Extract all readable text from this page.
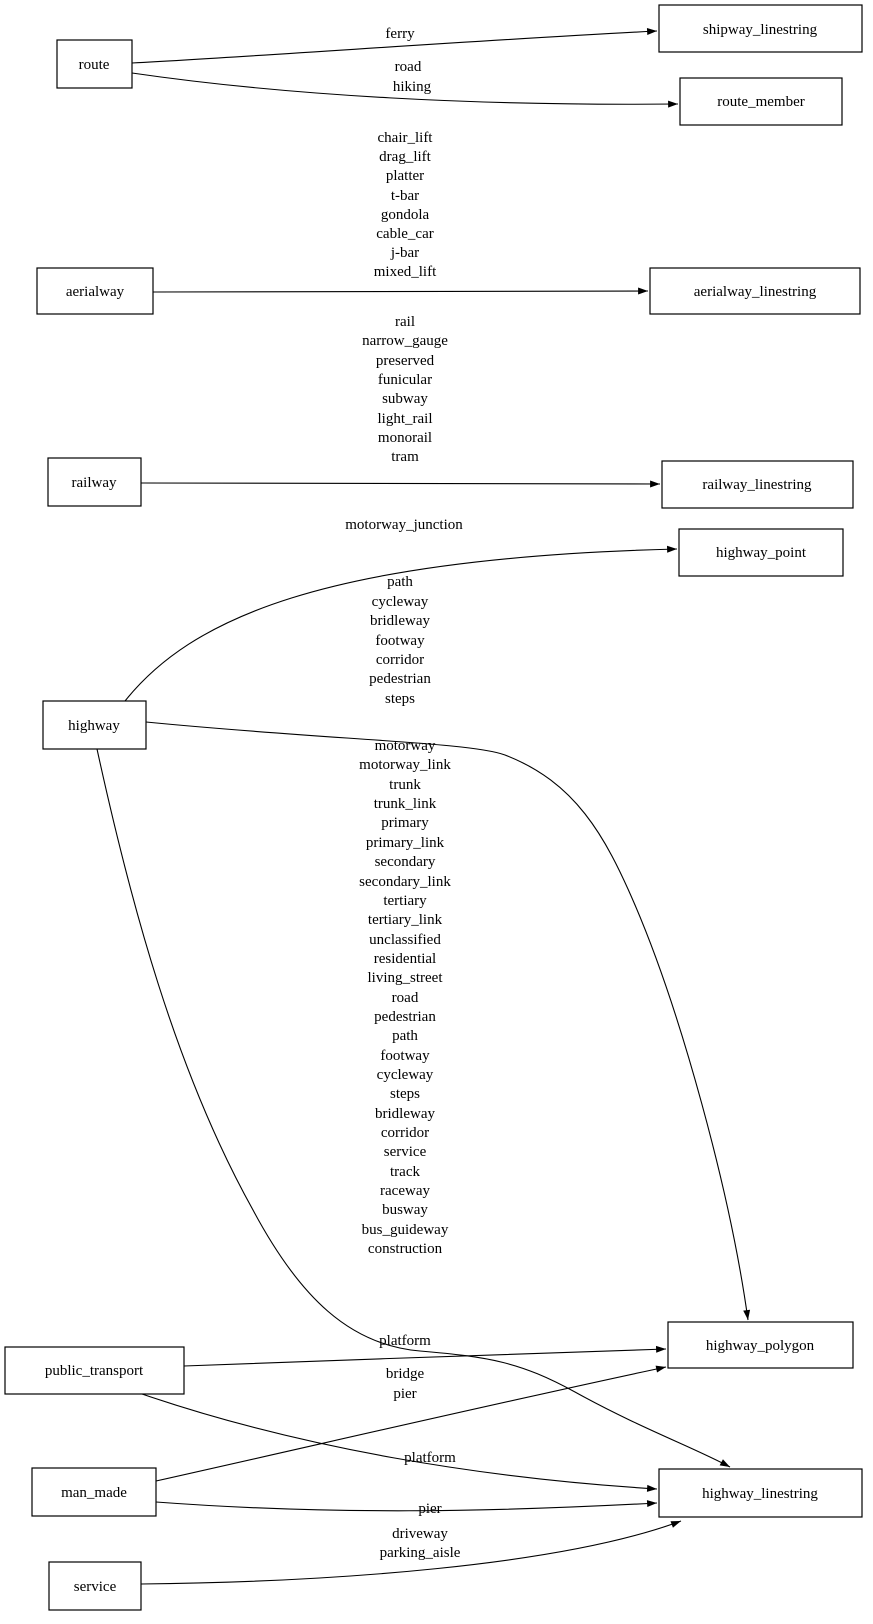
ferry
road
hiking
chair_lift
drag_lift
platter
t-bar
gondola
cable_car
j-bar
mixed_lift
rail
narrow_gauge
preserved
funicular
subway
light_rail
monorail
tram
motorway_junction
path
cycleway
bridleway
footway
corridor
pedestrian
steps
motorway
motorway_link
trunk
trunk_link
primary
primary_link
secondary
secondary_link
tertiary
tertiary_link
unclassified
residential
living_street
road
pedestrian
path
footway
cycleway
steps
bridleway
corridor
service
track
raceway
busway
bus_guideway
construction
platform
bridge
pier
platform
pier
driveway
parking_aisle
route
aerialway
railway
highway
public_transport
man_made
service
shipway_linestring
route_member
aerialway_linestring
railway_linestring
highway_point
highway_polygon
highway_linestring
